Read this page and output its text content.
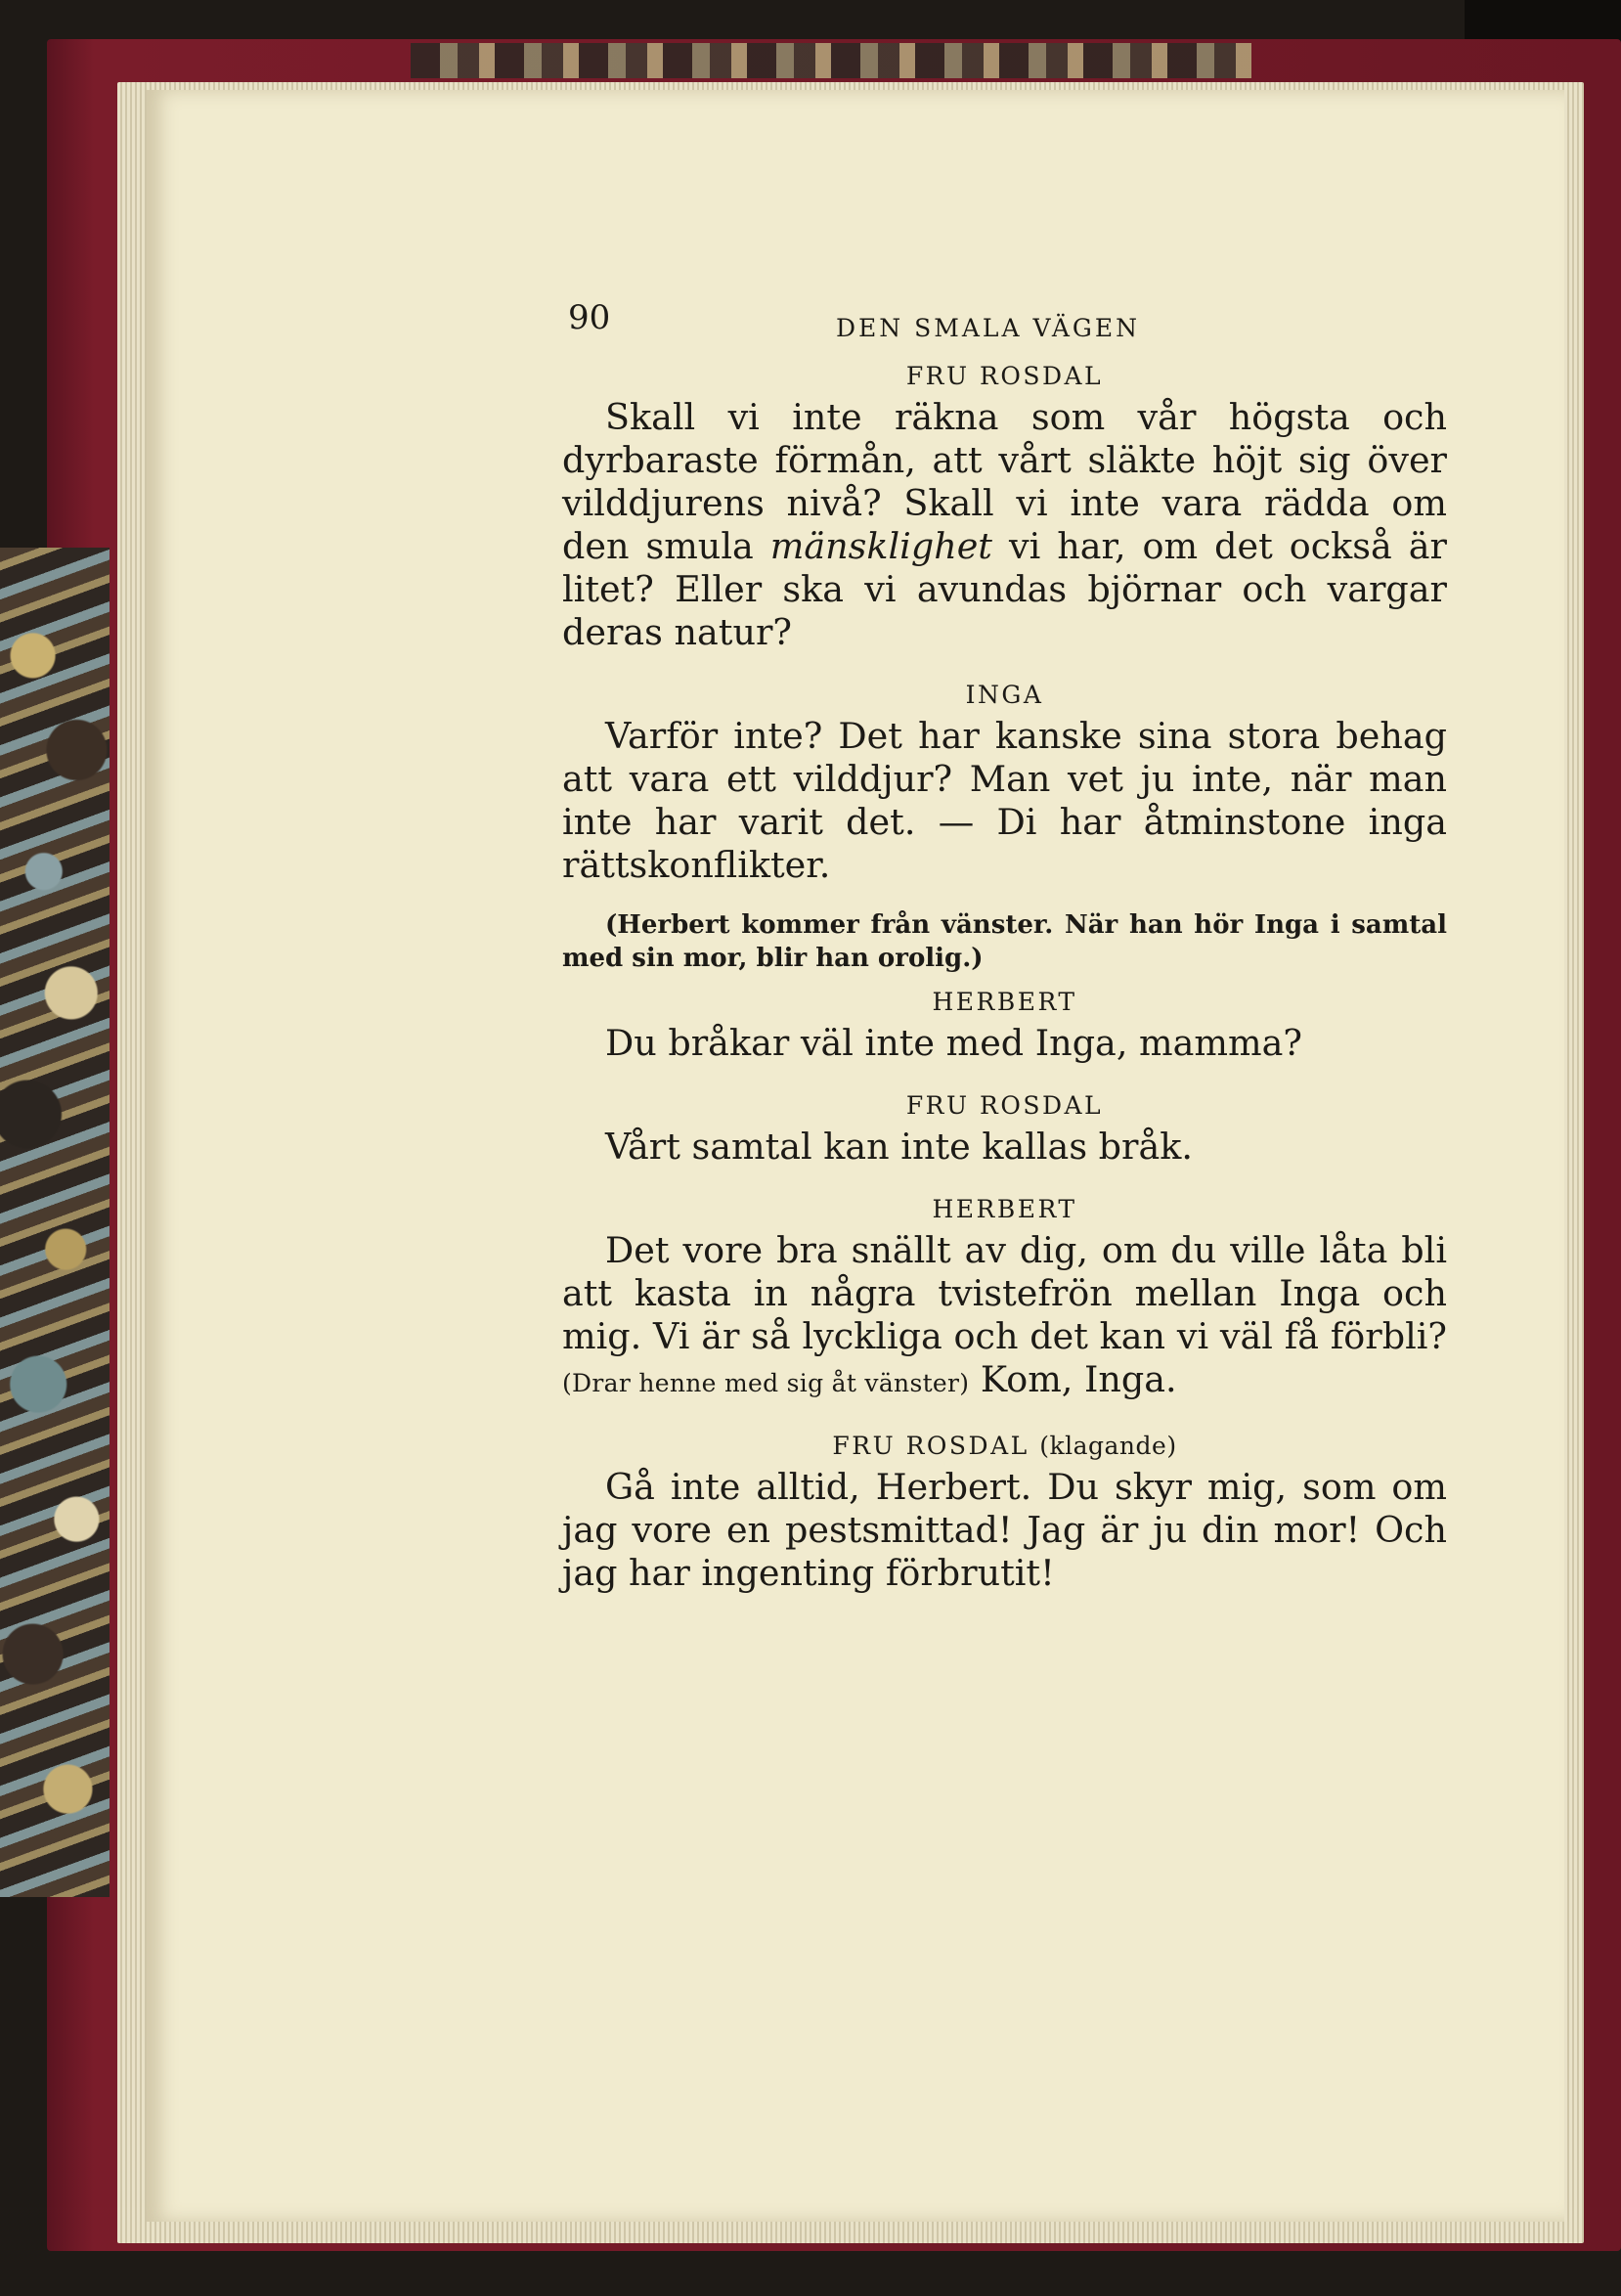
90	DEN SMALA VÄGEN

FRU ROSDAL

Skall vi inte räkna som vår högsta och dyrbaraste förmån, att vårt släkte höjt sig över vilddjurens nivå? Skall vi inte vara rädda om den smula mänsklighet vi har, om det också är litet? Eller ska vi avundas björnar och vargar deras natur?

INGA

Varför inte? Det har kanske sina stora behag att vara ett vilddjur? Man vet ju inte, när man inte har varit det. — Di har åtminstone inga rättskonflikter.

(Herbert kommer från vänster. När han hör Inga i samtal med sin mor, blir han orolig.)

HERBERT

Du bråkar väl inte med Inga, mamma?

FRU ROSDAL

Vårt samtal kan inte kallas bråk.

HERBERT

Det vore bra snällt av dig, om du ville låta bli att kasta in några tvistefrön mellan Inga och mig. Vi är så lyckliga och det kan vi väl få förbli? (Drar henne med sig åt vänster) Kom, Inga.

FRU ROSDAL (klagande)

Gå inte alltid, Herbert. Du skyr mig, som om jag vore en pestsmittad! Jag är ju din mor! Och jag har ingenting förbrutit!
